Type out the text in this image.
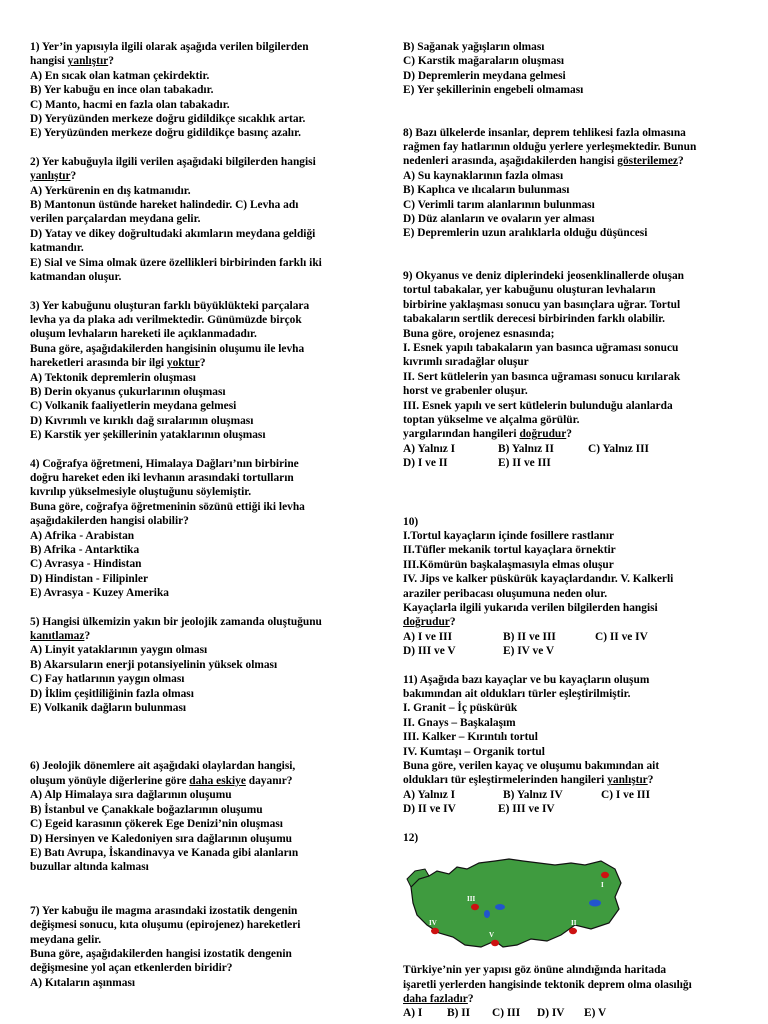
1) Yer’in yapısıyla ilgili olarak aşağıda verilen bilgilerden
hangisi yanlıştır?
A) En sıcak olan katman çekirdektir.
B) Yer kabuğu en ince olan tabakadır.
C) Manto, hacmi en fazla olan tabakadır.
D) Yeryüzünden merkeze doğru gidildikçe sıcaklık artar.
E) Yeryüzünden merkeze doğru gidildikçe basınç azalır.
2) Yer kabuğuyla ilgili verilen aşağıdaki bilgilerden hangisi
yanlıştır?
A) Yerkürenin en dış katmanıdır.
B) Mantonun üstünde hareket halindedir. C) Levha adı
verilen parçalardan meydana gelir.
D) Yatay ve dikey doğrultudaki akımların meydana geldiği
katmandır.
E) Sial ve Sima olmak üzere özellikleri birbirinden farklı iki
katmandan oluşur.
3) Yer kabuğunu oluşturan farklı büyüklükteki parçalara
levha ya da plaka adı verilmektedir. Günümüzde birçok
oluşum levhaların hareketi ile açıklanmadadır.
Buna göre, aşağıdakilerden hangisinin oluşumu ile levha
hareketleri arasında bir ilgi yoktur?
A) Tektonik depremlerin oluşması
B) Derin okyanus çukurlarının oluşması
C) Volkanik faaliyetlerin meydana gelmesi
D) Kıvrımlı ve kırıklı dağ sıralarının oluşması
E) Karstik yer şekillerinin yataklarının oluşması
4) Coğrafya öğretmeni, Himalaya Dağları’nın birbirine
doğru hareket eden iki levhanın arasındaki tortulların
kıvrılıp yükselmesiyle oluştuğunu söylemiştir.
Buna göre, coğrafya öğretmeninin sözünü ettiği iki levha
aşağıdakilerden hangisi olabilir?
A) Afrika - Arabistan
B) Afrika - Antarktika
C) Avrasya - Hindistan
D) Hindistan - Filipinler
E) Avrasya - Kuzey Amerika
5) Hangisi ülkemizin yakın bir jeolojik zamanda oluştuğunu
kanıtlamaz?
A) Linyit yataklarının yaygın olması
B) Akarsuların enerji potansiyelinin yüksek olması
C) Fay hatlarının yaygın olması
D) İklim çeşitliliğinin fazla olması
E) Volkanik dağların bulunması
6) Jeolojik dönemlere ait aşağıdaki olaylardan hangisi,
oluşum yönüyle diğerlerine göre daha eskiye dayanır?
A) Alp Himalaya sıra dağlarının oluşumu
B) İstanbul ve Çanakkale boğazlarının oluşumu
C) Egeid karasının çökerek Ege Denizi’nin oluşması
D) Hersinyen ve Kaledoniyen sıra dağlarının oluşumu
E) Batı Avrupa, İskandinavya ve Kanada gibi alanların
buzullar altında kalması
7) Yer kabuğu ile magma arasındaki izostatik dengenin
değişmesi sonucu, kıta oluşumu (epirojenez) hareketleri
meydana gelir.
Buna göre, aşağıdakilerden hangisi izostatik dengenin
değişmesine yol açan etkenlerden biridir?
A) Kıtaların aşınması
B) Sağanak yağışların olması
C) Karstik mağaraların oluşması
D) Depremlerin meydana gelmesi
E) Yer şekillerinin engebeli olmaması
8) Bazı ülkelerde insanlar, deprem tehlikesi fazla olmasına
rağmen fay hatlarının olduğu yerlere yerleşmektedir. Bunun
nedenleri arasında, aşağıdakilerden hangisi gösterilemez?
A) Su kaynaklarının fazla olması
B) Kaplıca ve ılıcaların bulunması
C) Verimli tarım alanlarının bulunması
D) Düz alanların ve ovaların yer alması
E) Depremlerin uzun aralıklarla olduğu düşüncesi
9) Okyanus ve deniz diplerindeki jeosenklinallerde oluşan
tortul tabakalar, yer kabuğunu oluşturan levhaların
birbirine yaklaşması sonucu yan basınçlara uğrar. Tortul
tabakaların sertlik derecesi birbirinden farklı olabilir.
Buna göre, orojenez esnasında;
I. Esnek yapılı tabakaların yan basınca uğraması sonucu
kıvrımlı sıradağlar oluşur
II. Sert kütlelerin yan basınca uğraması sonucu kırılarak
horst ve grabenler oluşur.
III. Esnek yapılı ve sert kütlelerin bulunduğu alanlarda
toptan yükselme ve alçalma görülür.
yargılarından hangileri doğrudur?
A) Yalnız I	B) Yalnız II	C) Yalnız III
D) I ve II	E) II ve III
10)
I.Tortul kayaçların içinde fosillere rastlanır
II.Tüfler mekanik tortul kayaçlara örnektir
III.Kömürün başkalaşmasıyla elmas oluşur
IV. Jips ve kalker püskürük kayaçlardandır. V. Kalkerli
araziler peribacası oluşumuna neden olur.
Kayaçlarla ilgili yukarıda verilen bilgilerden hangisi
doğrudur?
A) I ve III	B) II ve III	C) II ve IV
D) III ve V	E) IV ve V
11) Aşağıda bazı kayaçlar ve bu kayaçların oluşum
bakımından ait oldukları türler eşleştirilmiştir.
I. Granit – İç püskürük
II. Gnays – Başkalaşım
III. Kalker – Kırıntılı tortul
IV. Kumtaşı – Organik tortul
Buna göre, verilen kayaç ve oluşumu bakımından ait
oldukları tür eşleştirmelerinden hangileri yanlıştır?
A) Yalnız I	B) Yalnız IV	C) I ve III
D) II ve IV	E) III ve IV
12)
I
II
III
IV
V
Türkiye’nin yer yapısı göz önüne alındığında haritada
işaretli yerlerden hangisinde tektonik deprem olma olasılığı
daha fazladır?
A) I	B) II	C) III	D) IV	E) V
